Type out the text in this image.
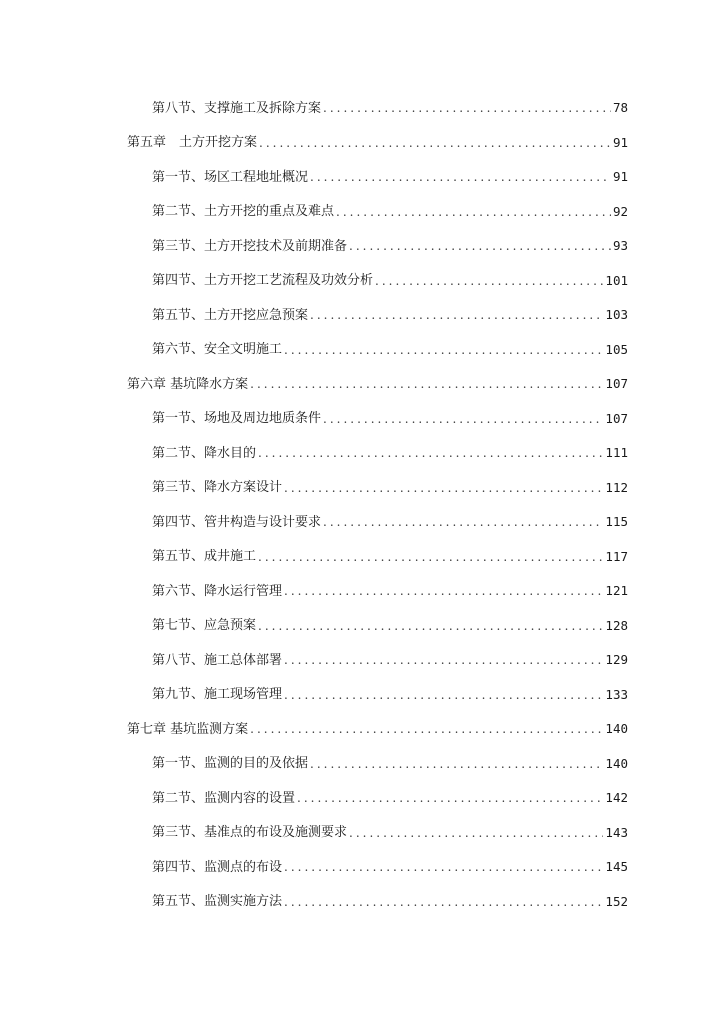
第八节、支撑施工及拆除方案 .....	78
第五章　土方开挖方案 .....	91
第一节、场区工程地址概况 .....	91
第二节、土方开挖的重点及难点 .....	92
第三节、土方开挖技术及前期准备 .....	93
第四节、土方开挖工艺流程及功效分析 .....	101
第五节、土方开挖应急预案 .....	103
第六节、安全文明施工 .....	105
第六章 基坑降水方案 .....	107
第一节、场地及周边地质条件 .....	107
第二节、降水目的 .....	111
第三节、降水方案设计 .....	112
第四节、管井构造与设计要求 .....	115
第五节、成井施工 .....	117
第六节、降水运行管理 .....	121
第七节、应急预案 .....	128
第八节、施工总体部署 .....	129
第九节、施工现场管理 .....	133
第七章 基坑监测方案 .....	140
第一节、监测的目的及依据 .....	140
第二节、监测内容的设置 .....	142
第三节、基准点的布设及施测要求 .....	143
第四节、监测点的布设 .....	145
第五节、监测实施方法 .....	152
